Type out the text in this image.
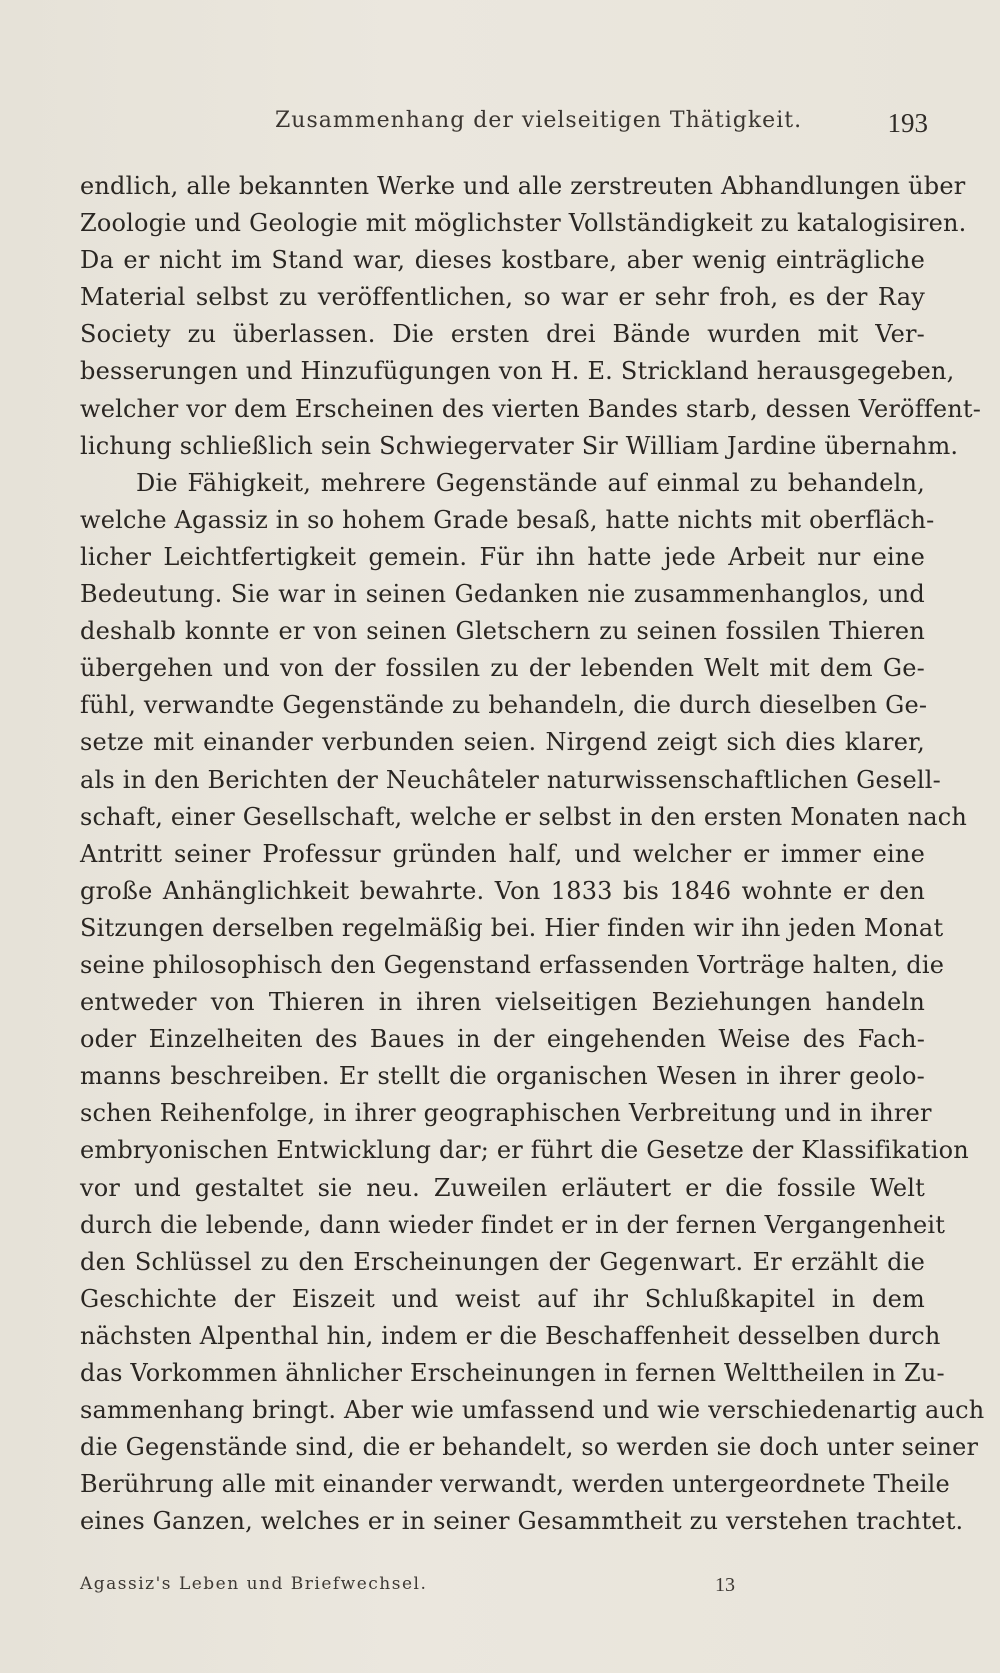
Zusammenhang der vielseitigen Thätigkeit.	193
endlich, alle bekannten Werke und alle zerstreuten Abhandlungen über
Zoologie und Geologie mit möglichster Vollständigkeit zu katalogisiren.
Da er nicht im Stand war, dieses kostbare, aber wenig einträgliche
Material selbst zu veröffentlichen, so war er sehr froh, es der Ray
Society zu überlassen. Die ersten drei Bände wurden mit Ver-
besserungen und Hinzufügungen von H. E. Strickland herausgegeben,
welcher vor dem Erscheinen des vierten Bandes starb, dessen Veröffent-
lichung schließlich sein Schwiegervater Sir William Jardine übernahm.
Die Fähigkeit, mehrere Gegenstände auf einmal zu behandeln,
welche Agassiz in so hohem Grade besaß, hatte nichts mit oberfläch-
licher Leichtfertigkeit gemein. Für ihn hatte jede Arbeit nur eine
Bedeutung. Sie war in seinen Gedanken nie zusammenhanglos, und
deshalb konnte er von seinen Gletschern zu seinen fossilen Thieren
übergehen und von der fossilen zu der lebenden Welt mit dem Ge-
fühl, verwandte Gegenstände zu behandeln, die durch dieselben Ge-
setze mit einander verbunden seien. Nirgend zeigt sich dies klarer,
als in den Berichten der Neuchâteler naturwissenschaftlichen Gesell-
schaft, einer Gesellschaft, welche er selbst in den ersten Monaten nach
Antritt seiner Professur gründen half, und welcher er immer eine
große Anhänglichkeit bewahrte. Von 1833 bis 1846 wohnte er den
Sitzungen derselben regelmäßig bei. Hier finden wir ihn jeden Monat
seine philosophisch den Gegenstand erfassenden Vorträge halten, die
entweder von Thieren in ihren vielseitigen Beziehungen handeln
oder Einzelheiten des Baues in der eingehenden Weise des Fach-
manns beschreiben. Er stellt die organischen Wesen in ihrer geolo-
schen Reihenfolge, in ihrer geographischen Verbreitung und in ihrer
embryonischen Entwicklung dar; er führt die Gesetze der Klassifikation
vor und gestaltet sie neu. Zuweilen erläutert er die fossile Welt
durch die lebende, dann wieder findet er in der fernen Vergangenheit
den Schlüssel zu den Erscheinungen der Gegenwart. Er erzählt die
Geschichte der Eiszeit und weist auf ihr Schlußkapitel in dem
nächsten Alpenthal hin, indem er die Beschaffenheit desselben durch
das Vorkommen ähnlicher Erscheinungen in fernen Welttheilen in Zu-
sammenhang bringt. Aber wie umfassend und wie verschiedenartig auch
die Gegenstände sind, die er behandelt, so werden sie doch unter seiner
Berührung alle mit einander verwandt, werden untergeordnete Theile
eines Ganzen, welches er in seiner Gesammtheit zu verstehen trachtet.
Agassiz's Leben und Briefwechsel.	13
